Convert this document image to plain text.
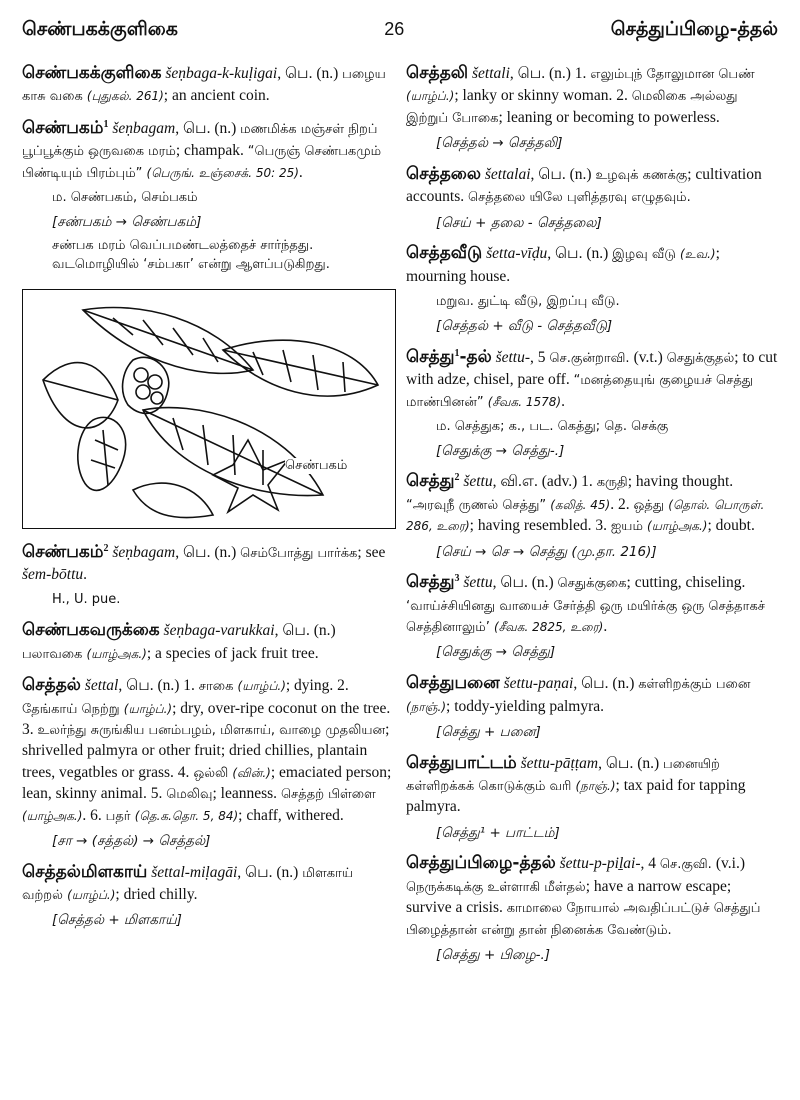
செண்பகக்குளிகை	26	செத்துப்பிழை-த்தல்
செண்பகக்குளிகை šeṇbaga-k-kuḷigai, பெ. (n.) பழைய காசு வகை (புதுகல். 261); an ancient coin.
செண்பகம்$^1$ šeṇbagam, பெ. (n.) மணமிக்க மஞ்சள் நிறப் பூப்பூக்கும் ஒருவகை மரம்; champak. “பெருஞ் செண்பகமும் பிண்டியும் பிரம்பும்” (பெருங். உஞ்சைக். 50: 25).
ம. செண்பகம், செம்பகம்
[சண்பகம் → செண்பகம்]
சண்பக மரம் வெப்பமண்டலத்தைச் சார்ந்தது. வடமொழியில் ‘சம்பகா’ என்று ஆளப்படுகிறது.
செண்பகம்
செண்பகம்$^2$ šeṇbagam, பெ. (n.) செம்போத்து பார்க்க; see šem-bōttu.
H., U. pue.
செண்பகவருக்கை šeṇbaga-varukkai, பெ. (n.) பலாவகை (யாழ்அக.); a species of jack fruit tree.
செத்தல் šettal, பெ. (n.) 1. சாகை (யாழ்ப்.); dying. 2. தேங்காய் நெற்று (யாழ்ப்.); dry, over-ripe coconut on the tree. 3. உலர்ந்து சுருங்கிய பனம்பழம், மிளகாய், வாழை முதலியன; shrivelled palmyra or other fruit; dried chillies, plantain trees, vegatbles or grass. 4. ஒல்லி (வின்.); emaciated person; lean, skinny animal. 5. மெலிவு; leanness. செத்தற் பிள்ளை (யாழ்அக.). 6. பதர் (தெ.க.தொ. 5, 84); chaff, withered.
[சா → (சத்தல்) → செத்தல்]
செத்தல்மிளகாய் šettal-miḷagāi, பெ. (n.) மிளகாய் வற்றல் (யாழ்ப்.); dried chilly.
[செத்தல் + மிளகாய்]
செத்தலி šettali, பெ. (n.) 1. எலும்புந் தோலுமான பெண் (யாழ்ப்.); lanky or skinny woman. 2. மெலிகை அல்லது இற்றுப் போகை; leaning or becoming to powerless.
[செத்தல் → செத்தலி]
செத்தலை šettalai, பெ. (n.) உழவுக் கணக்கு; cultivation accounts. செத்தலை யிலே புளித்தரவு எழுதவும்.
[செய் + தலை - செத்தலை]
செத்தவீடு šetta-vīḍu, பெ. (n.) இழவு வீடு (உவ.); mourning house.
மறுவ. துட்டி வீடு, இறப்பு வீடு.
[செத்தல் + வீடு - செத்தவீடு]
செத்து$^1$-தல் šettu-, 5 செ.குன்றாவி. (v.t.) செதுக்குதல்; to cut with adze, chisel, pare off. “மனத்தையுங் குழையச் செத்து மாண்பினன்” (சீவக. 1578).
ம. செத்துக; க., பட. கெத்து; தெ. செக்கு
[செதுக்கு → செத்து-.]
செத்து$^2$ šettu, வி.எ. (adv.) 1. கருதி; having thought. “அரவுநீ ருணல் செத்து” (கலித். 45). 2. ஒத்து (தொல். பொருள். 286, உரை); having resembled. 3. ஐயம் (யாழ்அக.); doubt.
[செய் → செ → செத்து (மு.தா. 216)]
செத்து$^3$ šettu, பெ. (n.) செதுக்குகை; cutting, chiseling. ‘வாய்ச்சியினது வாயைச் சேர்த்தி ஒரு மயிர்க்கு ஒரு செத்தாகச் செத்தினாலும்’ (சீவக. 2825, உரை).
[செதுக்கு → செத்து]
செத்துபனை šettu-paṇai, பெ. (n.) கள்ளிறக்கும் பனை (நாஞ்.); toddy-yielding palmyra.
[செத்து + பனை]
செத்துபாட்டம் šettu-pāṭṭam, பெ. (n.) பனையிற் கள்ளிறக்கக் கொடுக்கும் வரி (நாஞ்.); tax paid for tapping palmyra.
[செத்து¹ + பாட்டம்]
செத்துப்பிழை-த்தல் šettu-p-piḻai-, 4 செ.குவி. (v.i.) நெருக்கடிக்கு உள்ளாகி மீள்தல்; have a narrow escape; survive a crisis. காமாலை நோயால் அவதிப்பட்டுச் செத்துப் பிழைத்தான் என்று தான் நினைக்க வேண்டும்.
[செத்து + பிழை-.]
